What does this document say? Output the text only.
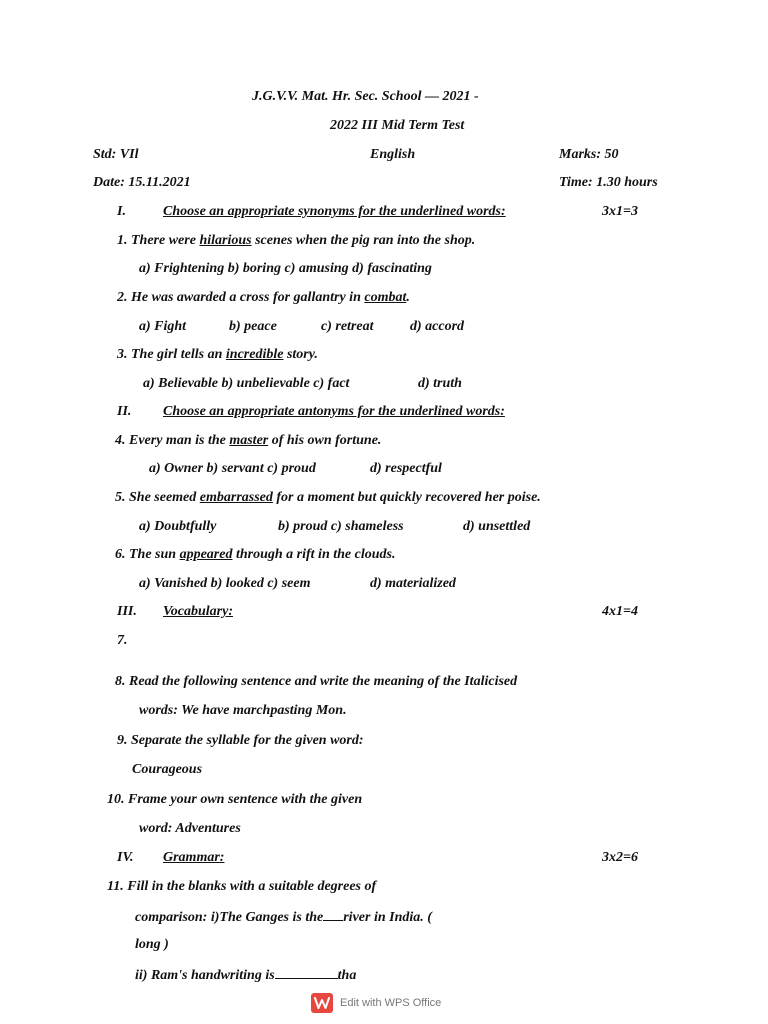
J.G.V.V. Mat. Hr. Sec. School — 2021 -
2022 III Mid Term Test
Std: VIl	English	Marks: 50
Date: 15.11.2021	Time: 1.30 hours
I.	Choose an appropriate synonyms for the underlined words:	3x1=3
1. There were hilarious scenes when the pig ran into the shop.
a) Frightening b) boring c) amusing d) fascinating
2. He was awarded a cross for gallantry in combat.
a) Fight	b) peace	c) retreat	d) accord
3. The girl tells an incredible story.
a) Believable b) unbelievable c) fact	d) truth
II. Choose an appropriate antonyms for the underlined words:
4. Every man is the master of his own fortune.
a) Owner b) servant c) proud	d) respectful
5. She seemed embarrassed for a moment but quickly recovered her poise.
a) Doubtfully	b) proud c) shameless	d) unsettled
6. The sun appeared through a rift in the clouds.
a) Vanished b) looked c) seem	d) materialized
III. Vocabulary:	4x1=4
7.
8. Read the following sentence and write the meaning of the Italicised
words: We have marchpasting Mon.
9. Separate the syllable for the given word:
Courageous
10. Frame your own sentence with the given
word: Adventures
IV. Grammar:	3x2=6
11. Fill in the blanks with a suitable degrees of
comparison: i)The Ganges is the river in India. (
long )
ii) Ram's handwriting is	tha
Edit with WPS Office
